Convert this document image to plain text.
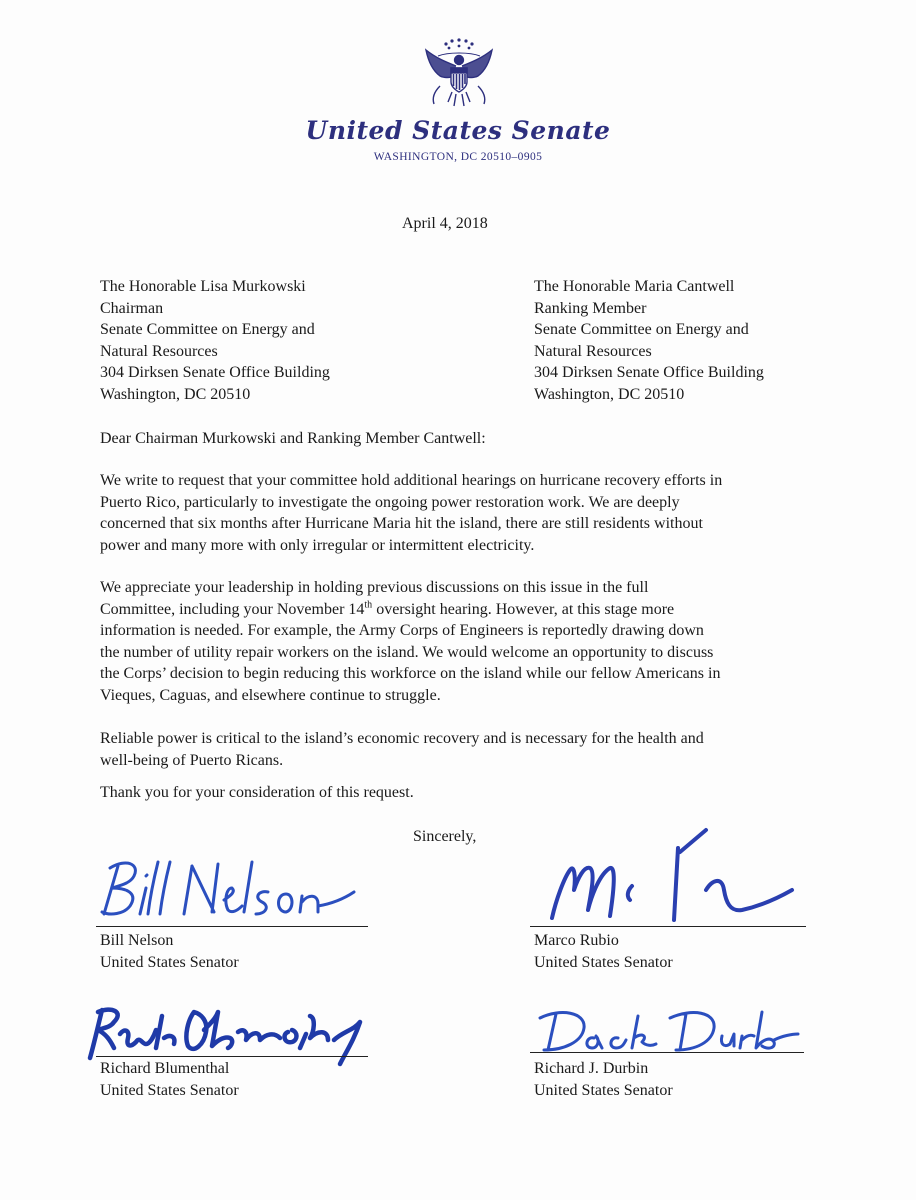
United States Senate
WASHINGTON, DC 20510–0905
April 4, 2018
The Honorable Lisa Murkowski
Chairman
Senate Committee on Energy and
Natural Resources
304 Dirksen Senate Office Building
Washington, DC 20510
The Honorable Maria Cantwell
Ranking Member
Senate Committee on Energy and
Natural Resources
304 Dirksen Senate Office Building
Washington, DC 20510
Dear Chairman Murkowski and Ranking Member Cantwell:
We write to request that your committee hold additional hearings on hurricane recovery efforts in
Puerto Rico, particularly to investigate the ongoing power restoration work. We are deeply
concerned that six months after Hurricane Maria hit the island, there are still residents without
power and many more with only irregular or intermittent electricity.
We appreciate your leadership in holding previous discussions on this issue in the full
Committee, including your November 14th oversight hearing. However, at this stage more
information is needed. For example, the Army Corps of Engineers is reportedly drawing down
the number of utility repair workers on the island. We would welcome an opportunity to discuss
the Corps’ decision to begin reducing this workforce on the island while our fellow Americans in
Vieques, Caguas, and elsewhere continue to struggle.
Reliable power is critical to the island’s economic recovery and is necessary for the health and
well-being of Puerto Ricans.
Thank you for your consideration of this request.
Sincerely,
Bill Nelson
United States Senator
Marco Rubio
United States Senator
Richard Blumenthal
United States Senator
Richard J. Durbin
United States Senator
